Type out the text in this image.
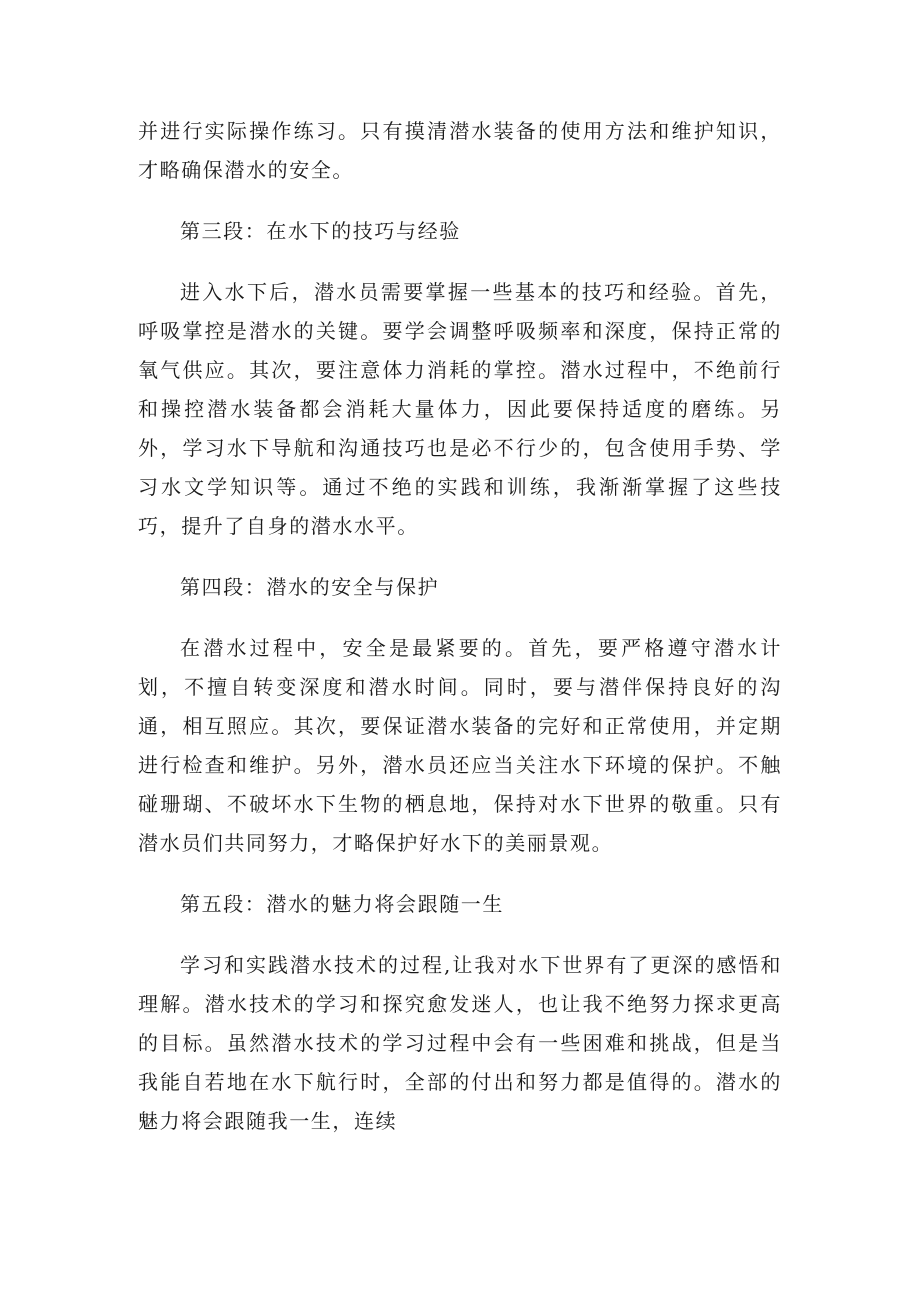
并进行实际操作练习。只有摸清潜水装备的使用方法和维护知识，才略确保潜水的安全。

第三段：在水下的技巧与经验

进入水下后，潜水员需要掌握一些基本的技巧和经验。首先，呼吸掌控是潜水的关键。要学会调整呼吸频率和深度，保持正常的氧气供应。其次，要注意体力消耗的掌控。潜水过程中，不绝前行和操控潜水装备都会消耗大量体力，因此要保持适度的磨练。另外，学习水下导航和沟通技巧也是必不行少的，包含使用手势、学习水文学知识等。通过不绝的实践和训练，我渐渐掌握了这些技巧，提升了自身的潜水水平。

第四段：潜水的安全与保护

在潜水过程中，安全是最紧要的。首先，要严格遵守潜水计划，不擅自转变深度和潜水时间。同时，要与潜伴保持良好的沟通，相互照应。其次，要保证潜水装备的完好和正常使用，并定期进行检查和维护。另外，潜水员还应当关注水下环境的保护。不触碰珊瑚、不破坏水下生物的栖息地，保持对水下世界的敬重。只有潜水员们共同努力，才略保护好水下的美丽景观。

第五段：潜水的魅力将会跟随一生

学习和实践潜水技术的过程,让我对水下世界有了更深的感悟和理解。潜水技术的学习和探究愈发迷人，也让我不绝努力探求更高的目标。虽然潜水技术的学习过程中会有一些困难和挑战，但是当我能自若地在水下航行时，全部的付出和努力都是值得的。潜水的魅力将会跟随我一生，连续
